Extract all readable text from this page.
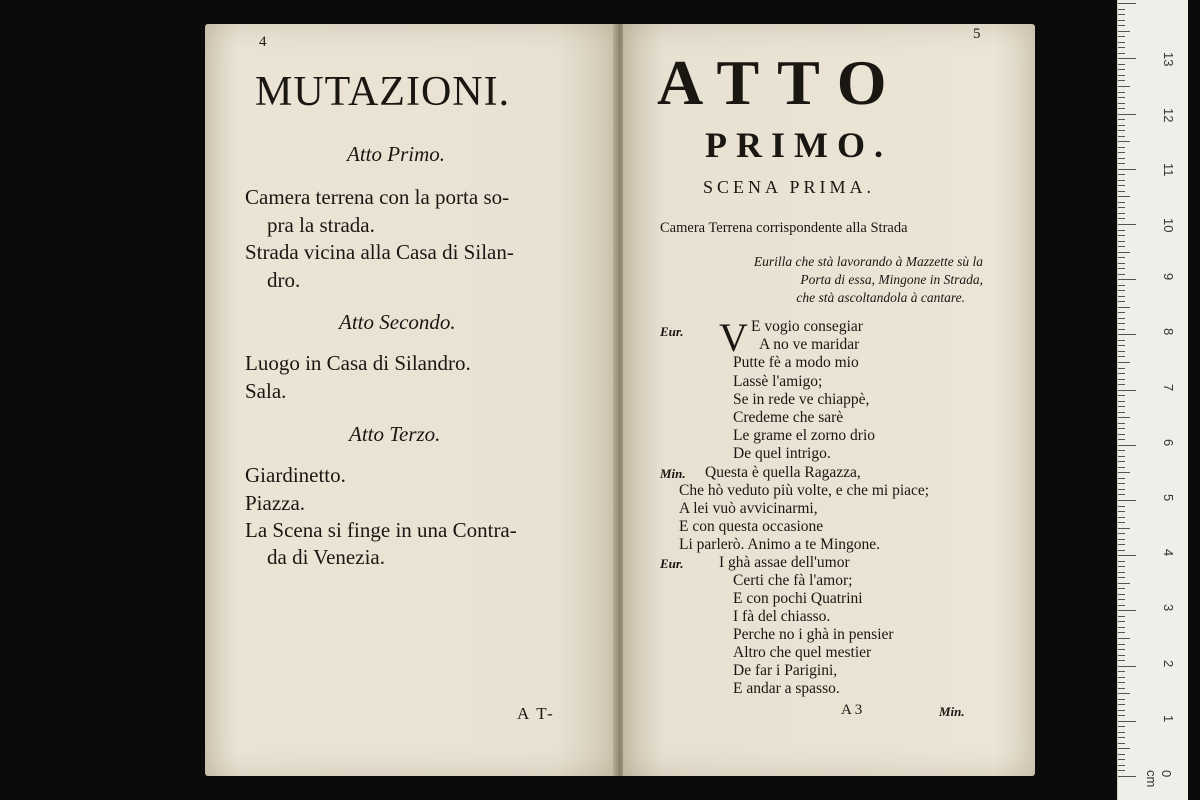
4
MUTAZIONI.
Atto Primo.
Camera terrena con la porta so-
pra la strada.
Strada vicina alla Casa di Silan-
dro.
Atto Secondo.
Luogo in Casa di Silandro.
Sala.
Atto Terzo.
Giardinetto.
Piazza.
La Scena si finge in una Contra-
da di Venezia.
A T-
5
ATTO
PRIMO.
SCENA PRIMA.
Camera Terrena corrispondente alla Strada
Eurilla che stà lavorando à Mazzette sù la
Porta di essa, Mingone in Strada,
che stà ascoltandola à cantare.
Eur. V E vogio consegiar
A no ve maridar
Putte fè a modo mio
Lassè l'amigo;
Se in rede ve chiappè,
Credeme che sarè
Le grame el zorno drio
De quel intrigo.
Min. Questa è quella Ragazza,
Che hò veduto più volte, e che mi piace;
A lei vuò avvicinarmi,
E con questa occasione
Li parlerò. Animo a te Mingone.
Eur. I ghà assae dell'umor
Certi che fà l'amor;
E con pochi Quatrini
I fà del chiasso.
Perche no i ghà in pensier
Altro che quel mestier
De far i Parigini,
E andar a spasso.
A 3	Min.
0 cm
1
2
3
4
5
6
7
8
9
10
11
12
13
